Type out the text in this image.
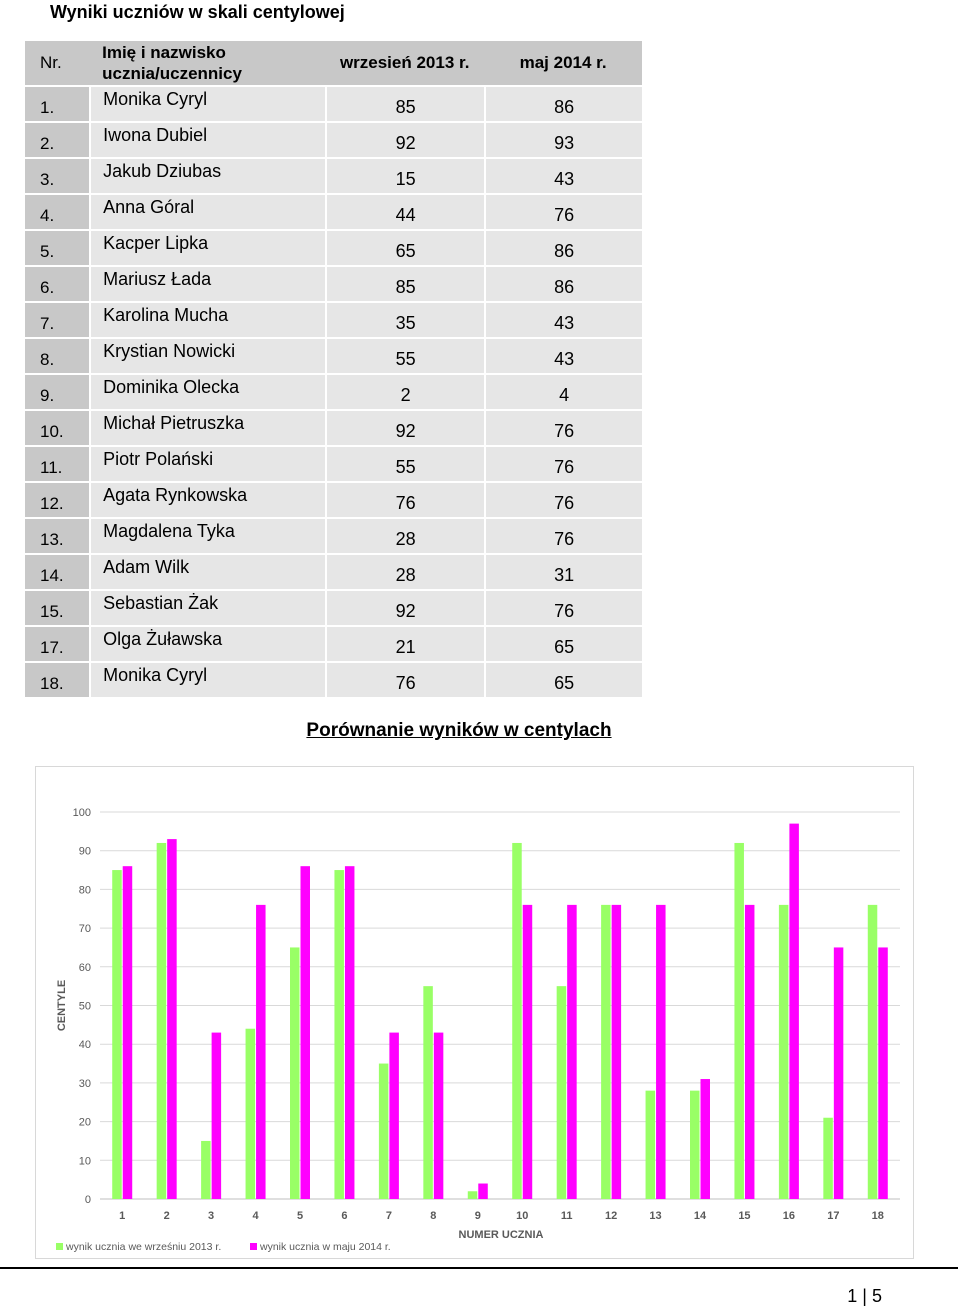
Wyniki uczniów w skali centylowej
Nr.	Imię i nazwisko ucznia/uczennicy	wrzesień 2013 r.	maj 2014 r.
1.	Monika Cyryl	85	86
2.	Iwona Dubiel	92	93
3.	Jakub Dziubas	15	43
4.	Anna Góral	44	76
5.	Kacper Lipka	65	86
6.	Mariusz Łada	85	86
7.	Karolina Mucha	35	43
8.	Krystian Nowicki	55	43
9.	Dominika Olecka	2	4
10.	Michał Pietruszka	92	76
11.	Piotr Polański	55	76
12.	Agata Rynkowska	76	76
13.	Magdalena Tyka	28	76
14.	Adam Wilk	28	31
15.	Sebastian Żak	92	76
17.	Olga Żuławska	21	65
18.	Monika Cyryl	76	65
Porównanie wyników w centylach
0
10
20
30
40
50
60
70
80
90
100
CENTYLE
1	2	3	4	5	6	7	8	9	10	11	12	13	14	15	16	17	18
NUMER UCZNIA
wynik ucznia we wrześniu 2013 r.	wynik ucznia w maju 2014 r.
1 | 5
